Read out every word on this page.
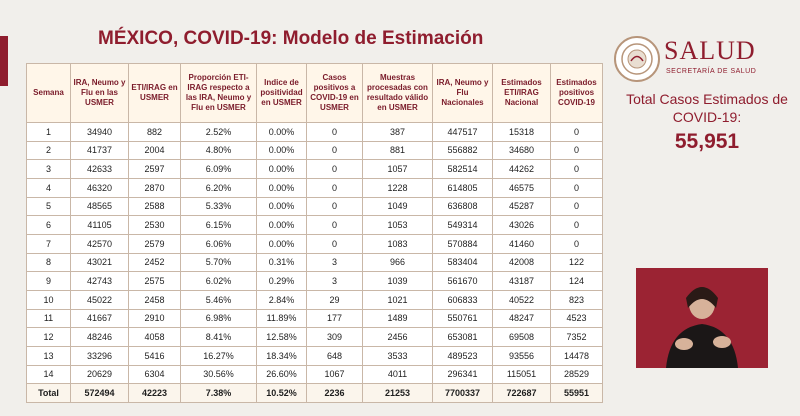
MÉXICO, COVID-19: Modelo de Estimación
Semana	IRA, Neumo y Flu en las USMER	ETI/IRAG en USMER	Proporción ETI-IRAG respecto a las IRA, Neumo y Flu en USMER	Indice de positividad en USMER	Casos positivos a COVID-19 en USMER	Muestras procesadas con resultado válido en USMER	IRA, Neumo y Flu Nacionales	Estimados ETI/IRAG Nacional	Estimados positivos COVID-19
1	34940	882	2.52%	0.00%	0	387	447517	15318	0
2	41737	2004	4.80%	0.00%	0	881	556882	34680	0
3	42633	2597	6.09%	0.00%	0	1057	582514	44262	0
4	46320	2870	6.20%	0.00%	0	1228	614805	46575	0
5	48565	2588	5.33%	0.00%	0	1049	636808	45287	0
6	41105	2530	6.15%	0.00%	0	1053	549314	43026	0
7	42570	2579	6.06%	0.00%	0	1083	570884	41460	0
8	43021	2452	5.70%	0.31%	3	966	583404	42008	122
9	42743	2575	6.02%	0.29%	3	1039	561670	43187	124
10	45022	2458	5.46%	2.84%	29	1021	606833	40522	823
11	41667	2910	6.98%	11.89%	177	1489	550761	48247	4523
12	48246	4058	8.41%	12.58%	309	2456	653081	69508	7352
13	33296	5416	16.27%	18.34%	648	3533	489523	93556	14478
14	20629	6304	30.56%	26.60%	1067	4011	296341	115051	28529
Total	572494	42223	7.38%	10.52%	2236	21253	7700337	722687	55951
SALUD
SECRETARÍA DE SALUD
Total Casos Estimados de COVID-19:
55,951
